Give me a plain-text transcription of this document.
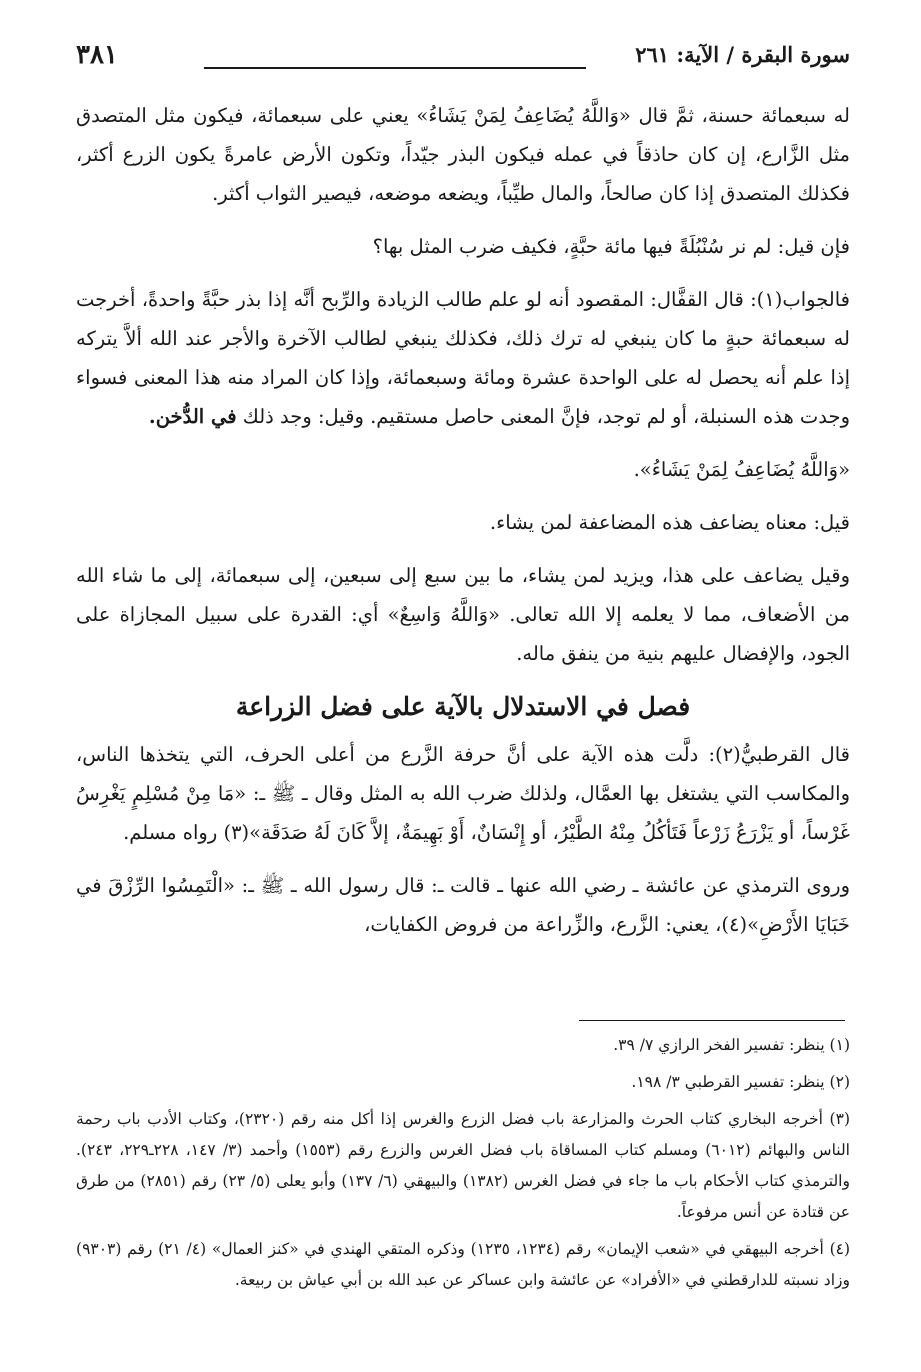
سورة البقرة / الآية: ٢٦١
٣٨١

له سبعمائة حسنة، ثمَّ قال «وَاللَّهُ يُضَاعِفُ لِمَنْ يَشَاءُ» يعني على سبعمائة، فيكون مثل المتصدق مثل الزَّارع، إن كان حاذقاً في عمله فيكون البذر جيّداً، وتكون الأرض عامرةً يكون الزرع أكثر، فكذلك المتصدق إذا كان صالحاً، والمال طيِّباً، ويضعه موضعه، فيصير الثواب أكثر.

فإن قيل: لم نر سُنْبُلَةً فيها مائة حبَّةٍ، فكيف ضرب المثل بها؟

فالجواب(١): قال القفَّال: المقصود أنه لو علم طالب الزيادة والرِّبح أنَّه إذا بذر حبَّةً واحدةً، أخرجت له سبعمائة حبةٍ ما كان ينبغي له ترك ذلك، فكذلك ينبغي لطالب الآخرة والأجر عند الله ألاَّ يتركه إذا علم أنه يحصل له على الواحدة عشرة ومائة وسبعمائة، وإذا كان المراد منه هذا المعنى فسواء وجدت هذه السنبلة، أو لم توجد، فإنَّ المعنى حاصل مستقيم. وقيل: وجد ذلك في الدُّخن.

«وَاللَّهُ يُضَاعِفُ لِمَنْ يَشَاءُ».

قيل: معناه يضاعف هذه المضاعفة لمن يشاء.

وقيل يضاعف على هذا، ويزيد لمن يشاء، ما بين سبع إلى سبعين، إلى سبعمائة، إلى ما شاء الله من الأضعاف، مما لا يعلمه إلا الله تعالى. «وَاللَّهُ وَاسِعٌ» أي: القدرة على سبيل المجازاة على الجود، والإفضال عليهم بنية من ينفق ماله.

فصل في الاستدلال بالآية على فضل الزراعة

قال القرطبيُّ(٢): دلَّت هذه الآية على أنَّ حرفة الزَّرع من أعلى الحرف، التي يتخذها الناس، والمكاسب التي يشتغل بها العمَّال، ولذلك ضرب الله به المثل وقال ـ ﷺ ـ: «مَا مِنْ مُسْلِمٍ يَغْرِسُ غَرْساً، أو يَزْرَعُ زَرْعاً فَتَأكُلُ مِنْهُ الطَّيْرُ، أو إِنْسَانٌ، أَوْ بَهِيمَةٌ، إلاَّ كَانَ لَهُ صَدَقَة»(٣) رواه مسلم.

وروى الترمذي عن عائشة ـ رضي الله عنها ـ قالت ـ: قال رسول الله ـ ﷺ ـ: «الْتَمِسُوا الرِّزْقَ في خَبَايَا الأَرْضِ»(٤)، يعني: الزَّرع، والزِّراعة من فروض الكفايات،

(١) ينظر: تفسير الفخر الرازي ٧/ ٣٩.

(٢) ينظر: تفسير القرطبي ٣/ ١٩٨.

(٣) أخرجه البخاري كتاب الحرث والمزارعة باب فضل الزرع والغرس إذا أكل منه رقم (٢٣٢٠)، وكتاب الأدب باب رحمة الناس والبهائم (٦٠١٢) ومسلم كتاب المساقاة باب فضل الغرس والزرع رقم (١٥٥٣) وأحمد (٣/ ١٤٧، ٢٢٨ـ٢٢٩، ٢٤٣). والترمذي كتاب الأحكام باب ما جاء في فضل الغرس (١٣٨٢) والبيهقي (٦/ ١٣٧) وأبو يعلى (٥/ ٢٣) رقم (٢٨٥١) من طرق عن قتادة عن أنس مرفوعاً.

(٤) أخرجه البيهقي في «شعب الإيمان» رقم (١٢٣٤، ١٢٣٥) وذكره المتقي الهندي في «كنز العمال» (٤/ ٢١) رقم (٩٣٠٣) وزاد نسبته للدارقطني في «الأفراد» عن عائشة وابن عساكر عن عبد الله بن أبي عياش بن ربيعة.
